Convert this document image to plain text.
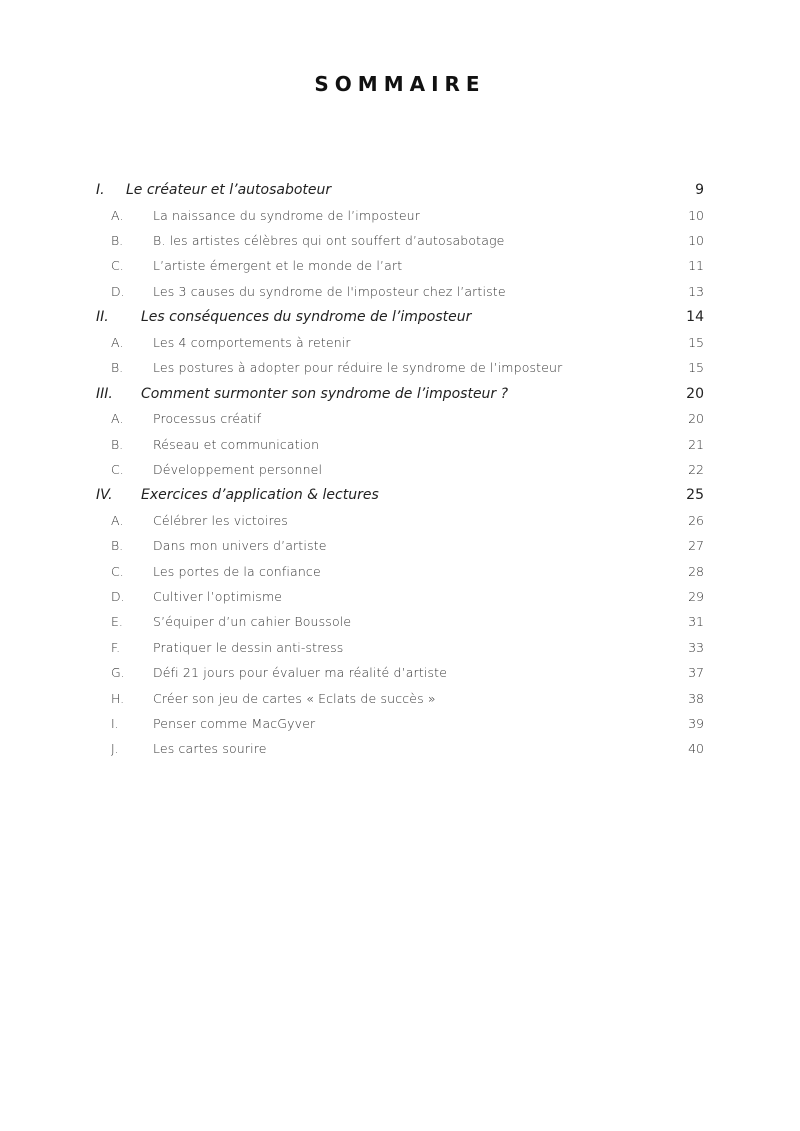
SOMMAIRE
I. Le créateur et l’autosaboteur	9
A. La naissance du syndrome de l’imposteur	10
B. B. les artistes célèbres qui ont souffert d’autosabotage	10
C. L’artiste émergent et le monde de l’art	11
D. Les 3 causes du syndrome de l'imposteur chez l’artiste	13
II. Les conséquences du syndrome de l’imposteur	14
A. Les 4 comportements à retenir	15
B. Les postures à adopter pour réduire le syndrome de l’imposteur	15
III. Comment surmonter son syndrome de l’imposteur ?	20
A. Processus créatif	20
B. Réseau et communication	21
C. Développement personnel	22
IV. Exercices d’application & lectures	25
A. Célébrer les victoires	26
B. Dans mon univers d’artiste	27
C. Les portes de la confiance	28
D. Cultiver l’optimisme	29
E. S’équiper d’un cahier Boussole	31
F.	Pratiquer le dessin anti-stress	33
G. Défi 21 jours pour évaluer ma réalité d’artiste	37
H. Créer son jeu de cartes « Eclats de succès »	38
I.	Penser comme MacGyver	39
J.	Les cartes sourire	40
